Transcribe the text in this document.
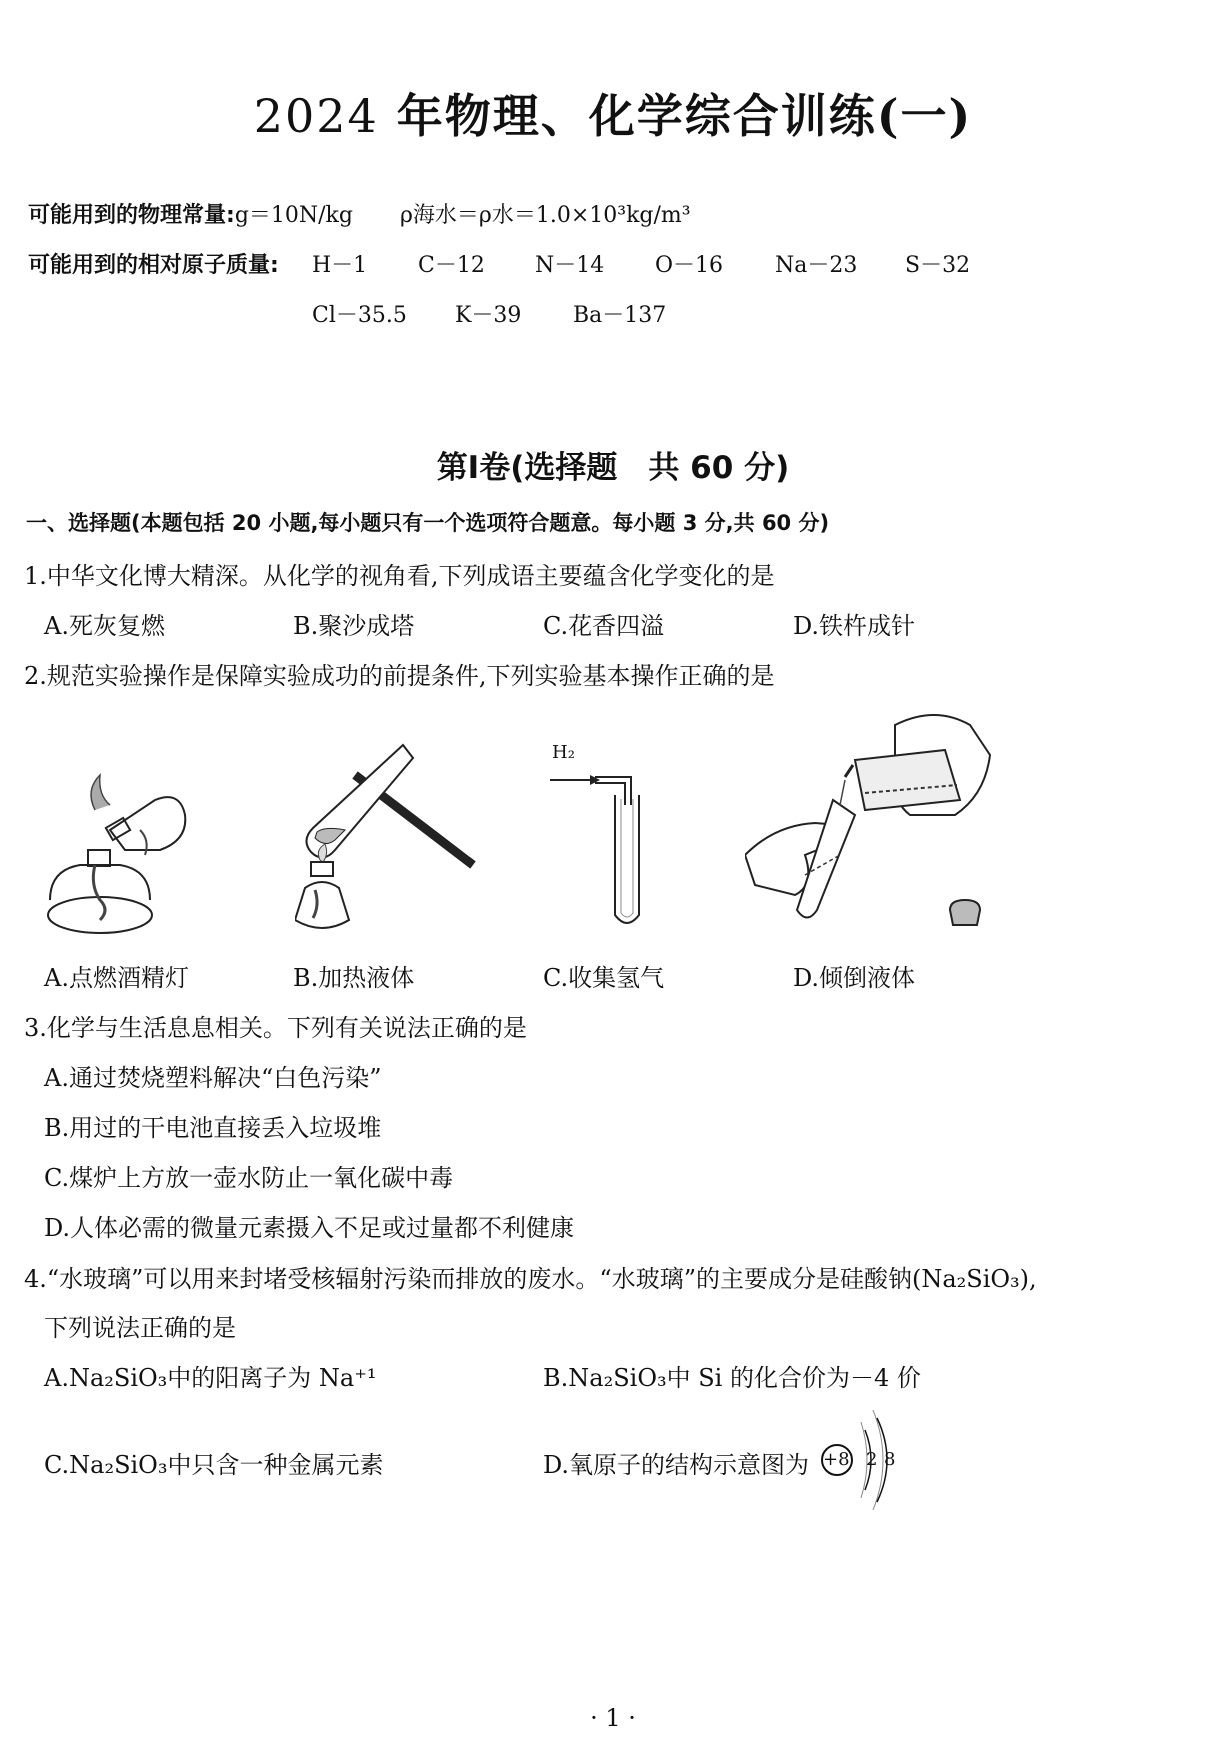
2024 年物理、化学综合训练(一)
可能用到的物理常量:g＝10N/kg ρ海水＝ρ水＝1.0×10³kg/m³
可能用到的相对原子质量: H－1 C－12 N－14 O－16 Na－23 S－32
Cl－35.5 K－39 Ba－137
第Ⅰ卷(选择题　共 60 分)
一、选择题(本题包括 20 小题,每小题只有一个选项符合题意。每小题 3 分,共 60 分)
1.中华文化博大精深。从化学的视角看,下列成语主要蕴含化学变化的是
A.死灰复燃	B.聚沙成塔	C.花香四溢	D.铁杵成针
2.规范实验操作是保障实验成功的前提条件,下列实验基本操作正确的是
H₂
A.点燃酒精灯	B.加热液体	C.收集氢气	D.倾倒液体
3.化学与生活息息相关。下列有关说法正确的是
A.通过焚烧塑料解决“白色污染”
B.用过的干电池直接丢入垃圾堆
C.煤炉上方放一壶水防止一氧化碳中毒
D.人体必需的微量元素摄入不足或过量都不利健康
4.“水玻璃”可以用来封堵受核辐射污染而排放的废水。“水玻璃”的主要成分是硅酸钠(Na₂SiO₃),
下列说法正确的是
A.Na₂SiO₃中的阳离子为 Na⁺¹	B.Na₂SiO₃中 Si 的化合价为－4 价
C.Na₂SiO₃中只含一种金属元素	D.氧原子的结构示意图为 +8 2 8
· 1 ·
